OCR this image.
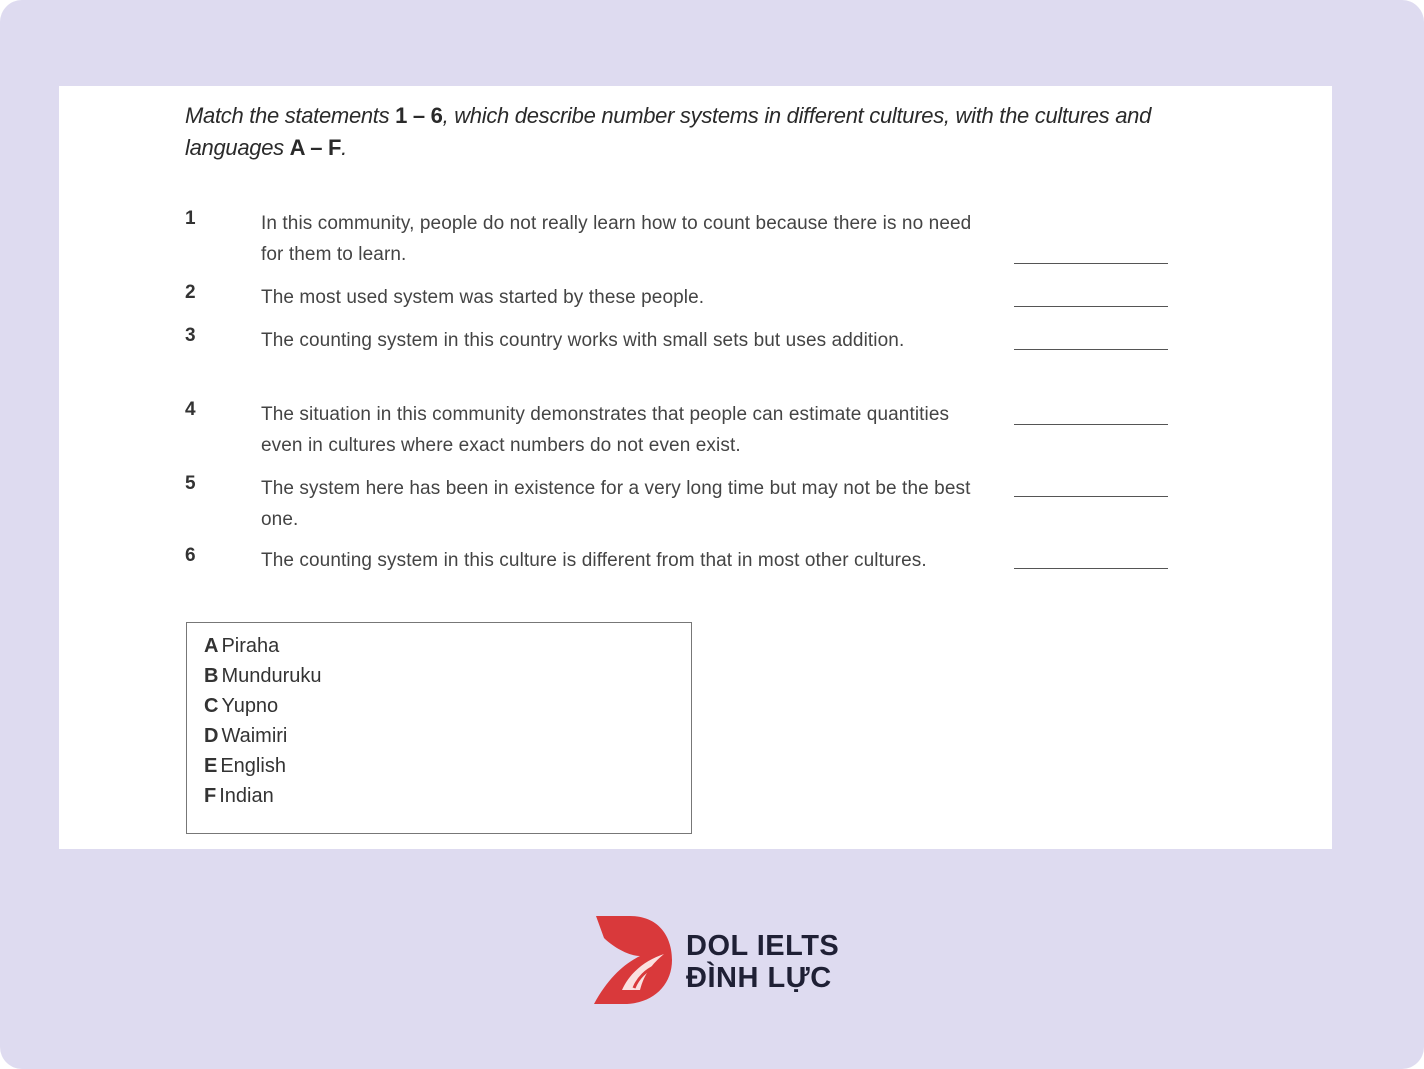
Match the statements 1 – 6, which describe number systems in different cultures, with the cultures and languages A – F.
1	In this community, people do not really learn how to count because there is no need for them to learn.
2	The most used system was started by these people.
3	The counting system in this country works with small sets but uses addition.
4	The situation in this community demonstrates that people can estimate quantities even in cultures where exact numbers do not even exist.
5	The system here has been in existence for a very long time but may not be the best one.
6	The counting system in this culture is different from that in most other cultures.
A Piraha
B Munduruku
C Yupno
D Waimiri
E English
F Indian
DOL IELTS
ĐÌNH LỰC
